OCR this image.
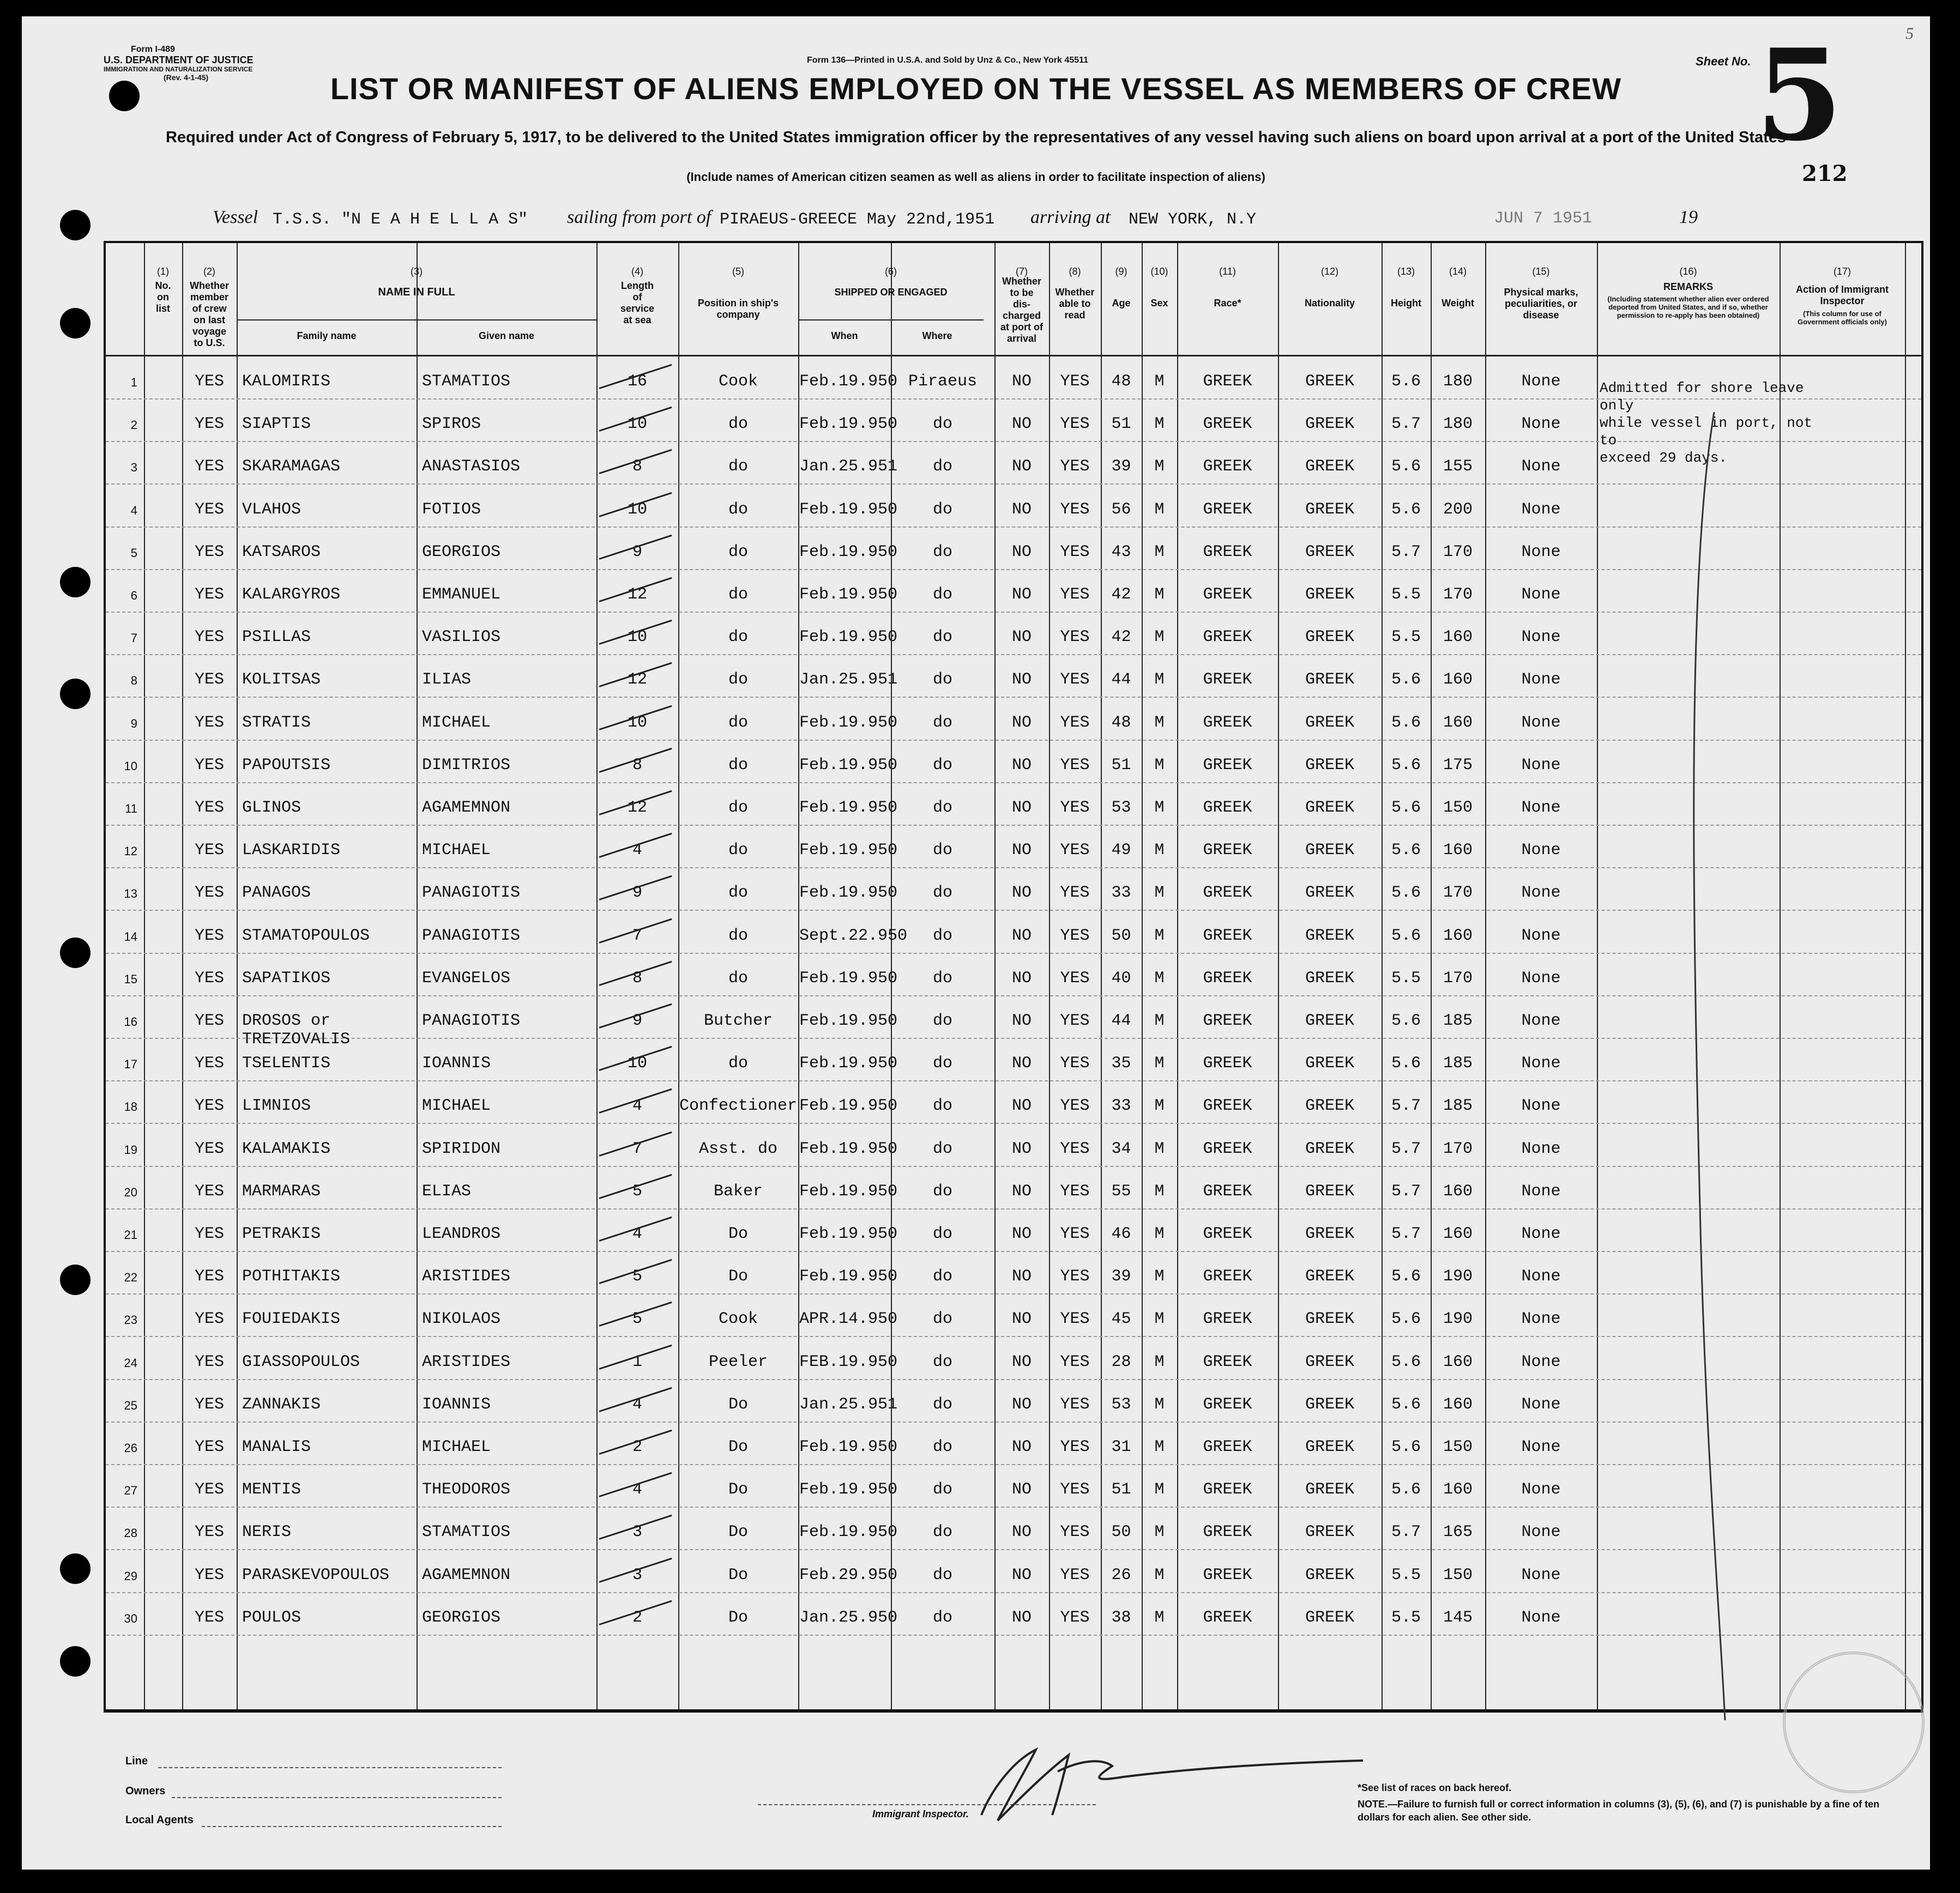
Form I-489
U.S. DEPARTMENT OF JUSTICE
IMMIGRATION AND NATURALIZATION SERVICE
(Rev. 4-1-45)
Form 136—Printed in U.S.A. and Sold by Unz & Co., New York 45511	Sheet No. 5	5
212
LIST OR MANIFEST OF ALIENS EMPLOYED ON THE VESSEL AS MEMBERS OF CREW
Required under Act of Congress of February 5, 1917, to be delivered to the United States immigration officer by the representatives of any vessel having such aliens on board upon arrival at a port of the United States
(Include names of American citizen seamen as well as aliens in order to facilitate inspection of aliens)
Vessel T.S.S. "N E A H E L L A S" sailing from port of PIRAEUS-GREECE May 22nd,1951 arriving at NEW YORK, N.Y	JUN 7 1951	19
(1)	(2)	(3)	(4)	(5)	(6)	(7)	(8)	(9)	(10)	(11)	(12)	(13)	(14)	(15)	(16)	(17)
No.
on
list
Whether
member
of crew
on last
voyage
to U.S.
NAME IN FULL
Family name	Given name
Length
of
service
at sea
Position in ship's
company
SHIPPED OR ENGAGED
When	Where
Whether
to be
dis-
charged
at port of
arrival
Whether
able to
read
Age	Sex	Race*	Nationality	Height	Weight
Physical marks,
peculiarities, or
disease
REMARKS
(Including statement whether alien ever ordered deported from United States, and if so, whether permission to re-apply has been obtained)
Action of Immigrant
Inspector
(This column for use of Government officials only)
1	YES	KALOMIRIS	STAMATIOS	16	Cook	Feb.19.950 Piraeus	NO	YES	48	M	GREEK	GREEK	5.6	180	None
2	YES	SIAPTIS	SPIROS	10	do	Feb.19.950	do	NO	YES	51	M	GREEK	GREEK	5.7	180	None
3	YES	SKARAMAGAS	ANASTASIOS	8	do	Jan.25.951	do	NO	YES	39	M	GREEK	GREEK	5.6	155	None
4	YES	VLAHOS	FOTIOS	10	do	Feb.19.950	do	NO	YES	56	M	GREEK	GREEK	5.6	200	None
5	YES	KATSAROS	GEORGIOS	9	do	Feb.19.950	do	NO	YES	43	M	GREEK	GREEK	5.7	170	None
6	YES	KALARGYROS	EMMANUEL	12	do	Feb.19.950	do	NO	YES	42	M	GREEK	GREEK	5.5	170	None
7	YES	PSILLAS	VASILIOS	10	do	Feb.19.950	do	NO	YES	42	M	GREEK	GREEK	5.5	160	None
8	YES	KOLITSAS	ILIAS	12	do	Jan.25.951	do	NO	YES	44	M	GREEK	GREEK	5.6	160	None
9	YES	STRATIS	MICHAEL	10	do	Feb.19.950	do	NO	YES	48	M	GREEK	GREEK	5.6	160	None
10	YES	PAPOUTSIS	DIMITRIOS	8	do	Feb.19.950	do	NO	YES	51	M	GREEK	GREEK	5.6	175	None
11	YES	GLINOS	AGAMEMNON	12	do	Feb.19.950	do	NO	YES	53	M	GREEK	GREEK	5.6	150	None
12	YES	LASKARIDIS	MICHAEL	4	do	Feb.19.950	do	NO	YES	49	M	GREEK	GREEK	5.6	160	None
13	YES	PANAGOS	PANAGIOTIS	9	do	Feb.19.950	do	NO	YES	33	M	GREEK	GREEK	5.6	170	None
14	YES	STAMATOPOULOS	PANAGIOTIS	7	do	Sept.22.950	do	NO	YES	50	M	GREEK	GREEK	5.6	160	None
15	YES	SAPATIKOS	EVANGELOS	8	do	Feb.19.950	do	NO	YES	40	M	GREEK	GREEK	5.5	170	None
16	YES	DROSOS or	PANAGIOTIS	9	Butcher	Feb.19.950	do	NO	YES	44	M	GREEK	GREEK	5.6	185	None
TRETZOVALIS
17	YES	TSELENTIS	IOANNIS	10	do	Feb.19.950	do	NO	YES	35	M	GREEK	GREEK	5.6	185	None
18	YES	LIMNIOS	MICHAEL	4	Confectioner Feb.19.950	do	NO	YES	33	M	GREEK	GREEK	5.7	185	None
19	YES	KALAMAKIS	SPIRIDON	7	Asst. do	Feb.19.950	do	NO	YES	34	M	GREEK	GREEK	5.7	170	None
20	YES	MARMARAS	ELIAS	5	Baker	Feb.19.950	do	NO	YES	55	M	GREEK	GREEK	5.7	160	None
21	YES	PETRAKIS	LEANDROS	4	Do	Feb.19.950	do	NO	YES	46	M	GREEK	GREEK	5.7	160	None
22	YES	POTHITAKIS	ARISTIDES	5	Do	Feb.19.950	do	NO	YES	39	M	GREEK	GREEK	5.6	190	None
23	YES	FOUIEDAKIS	NIKOLAOS	5	Cook	APR.14.950	do	NO	YES	45	M	GREEK	GREEK	5.6	190	None
24	YES	GIASSOPOULOS	ARISTIDES	1	Peeler	FEB.19.950	do	NO	YES	28	M	GREEK	GREEK	5.6	160	None
25	YES	ZANNAKIS	IOANNIS	4	Do	Jan.25.951	do	NO	YES	53	M	GREEK	GREEK	5.6	160	None
26	YES	MANALIS	MICHAEL	2	Do	Feb.19.950	do	NO	YES	31	M	GREEK	GREEK	5.6	150	None
27	YES	MENTIS	THEODOROS	4	Do	Feb.19.950	do	NO	YES	51	M	GREEK	GREEK	5.6	160	None
28	YES	NERIS	STAMATIOS	3	Do	Feb.19.950	do	NO	YES	50	M	GREEK	GREEK	5.7	165	None
29	YES	PARASKEVOPOULOS	AGAMEMNON	3	Do	Feb.29.950	do	NO	YES	26	M	GREEK	GREEK	5.5	150	None
30	YES	POULOS	GEORGIOS	2	Do	Jan.25.950	do	NO	YES	38	M	GREEK	GREEK	5.5	145	None
Admitted for shore leave only
while vessel in port, not to
exceed 29 days.
Line
Owners
Local Agents	Immigrant Inspector.
*See list of races on back hereof.
NOTE.—Failure to furnish full or correct information in columns (3), (5), (6), and (7) is punishable by a fine of ten dollars for each alien. See other side.
